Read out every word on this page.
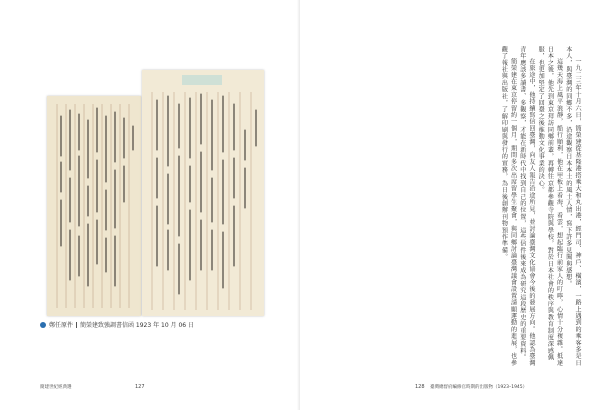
鄭任原件 簡榮建致強調書信函 1923 年 10 月 06 日
簡建世紀經典選	127

一九二三年十月六日，簡榮建從基隆港搭乘大和丸出港，經門司、神戶、橫濱，一路上遇到的乘客多是日本人，與臺灣的同鄉不多，沿途觀察日本本土的風土人情，寫下許多見聞與感想。

這幾天海上風平浪靜，船行順利，他在甲板上看海、看雲，想起臨行前家人的叮嚀，心情十分複雜。抵達日本之後，他先到東京拜訪同鄉前輩，再轉往京都參觀寺院與學校，對於日本社會的秩序與教育制度深感佩服，也更加堅定了回臺之後推動文化事業的決心。

在旅途中，他持續寫信回臺灣，向友人報告沿途所見，並討論臺灣文化協會今後的發展方向。他認為臺灣青年應該多讀書、多觀察，才能在新時代中找到自己的位置，這些信件後來成為研究這段歷史的重要資料。

簡榮建在東京停留約一個月，期間多次出席留學生聚會，與同鄉討論臺灣議會設置請願運動的進展，也參觀了報社與出版社，了解印刷與發行的實務，為日後創辦刊物預作準備。

128 臺灣總督府編修官時期的出版物（1923–1945）
